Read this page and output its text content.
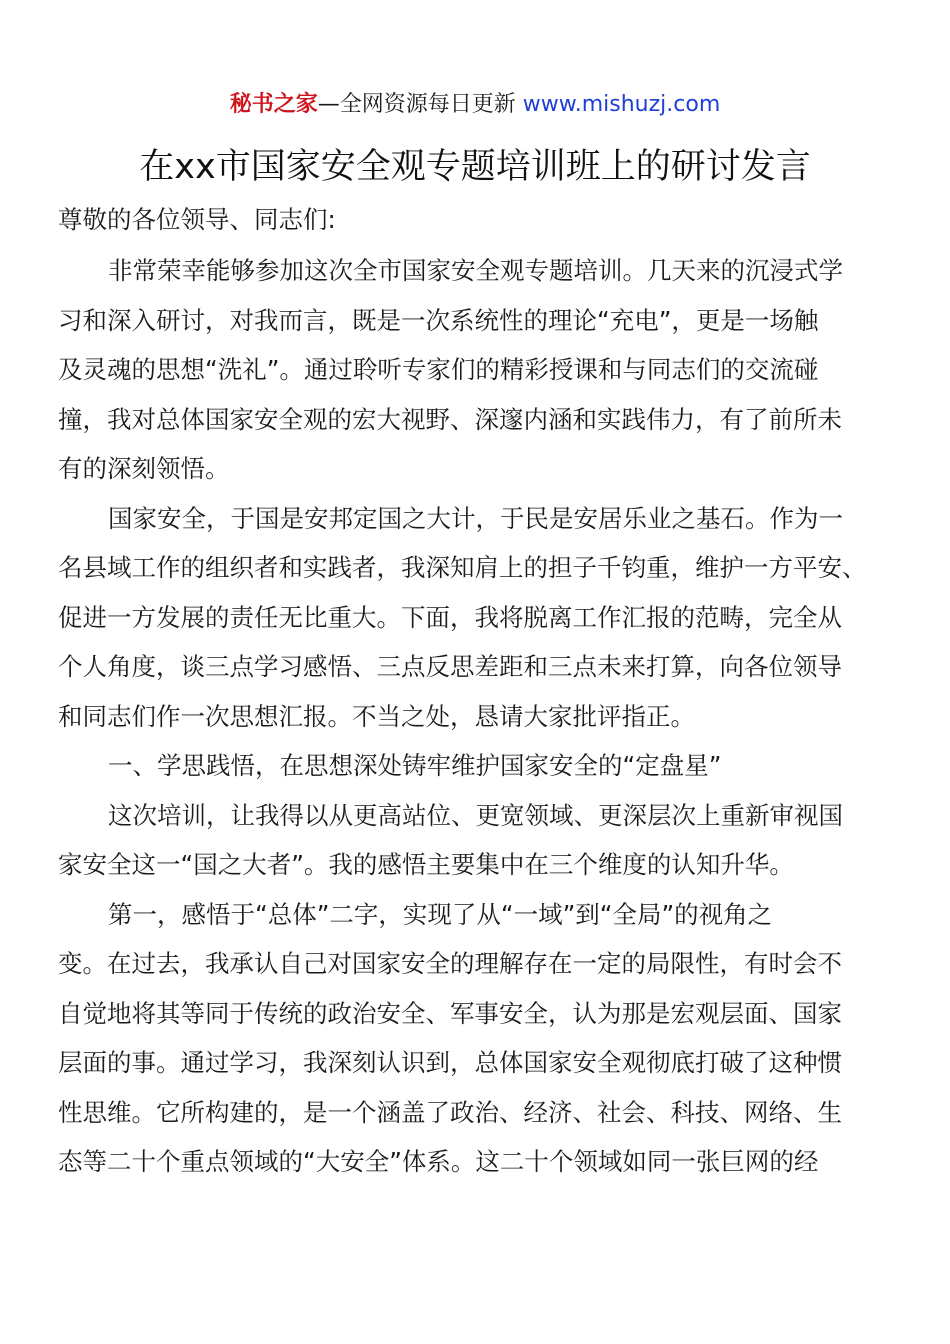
秘书之家—全网资源每日更新 www.mishuzj.com
在xx市国家安全观专题培训班上的研讨发言
尊敬的各位领导、同志们:
非常荣幸能够参加这次全市国家安全观专题培训。几天来的沉浸式学
习和深入研讨，对我而言，既是一次系统性的理论“充电”，更是一场触
及灵魂的思想“洗礼”。通过聆听专家们的精彩授课和与同志们的交流碰
撞，我对总体国家安全观的宏大视野、深邃内涵和实践伟力，有了前所未
有的深刻领悟。
国家安全，于国是安邦定国之大计，于民是安居乐业之基石。作为一
名县域工作的组织者和实践者，我深知肩上的担子千钧重，维护一方平安、
促进一方发展的责任无比重大。下面，我将脱离工作汇报的范畴，完全从
个人角度，谈三点学习感悟、三点反思差距和三点未来打算，向各位领导
和同志们作一次思想汇报。不当之处，恳请大家批评指正。
一、学思践悟，在思想深处铸牢维护国家安全的“定盘星”
这次培训，让我得以从更高站位、更宽领域、更深层次上重新审视国
家安全这一“国之大者”。我的感悟主要集中在三个维度的认知升华。
第一，感悟于“总体”二字，实现了从“一域”到“全局”的视角之
变。在过去，我承认自己对国家安全的理解存在一定的局限性，有时会不
自觉地将其等同于传统的政治安全、军事安全，认为那是宏观层面、国家
层面的事。通过学习，我深刻认识到，总体国家安全观彻底打破了这种惯
性思维。它所构建的，是一个涵盖了政治、经济、社会、科技、网络、生
态等二十个重点领域的“大安全”体系。这二十个领域如同一张巨网的经
